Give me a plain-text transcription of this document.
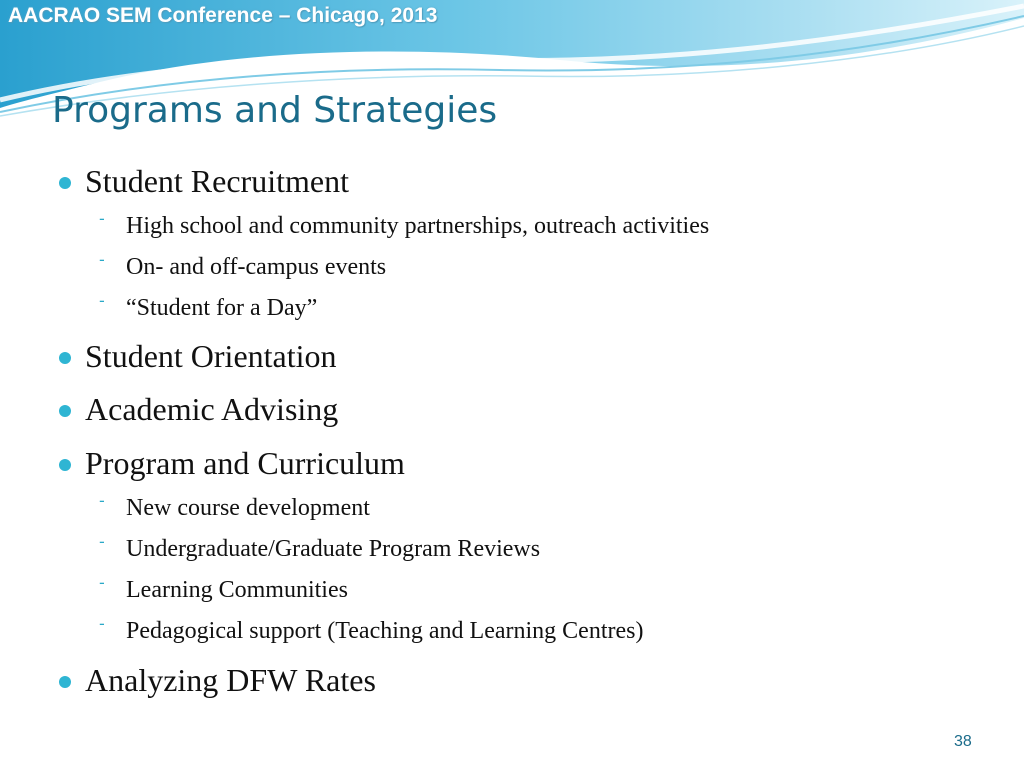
AACRAO SEM Conference – Chicago, 2013
Programs and Strategies
Student Recruitment
- High school and community partnerships, outreach activities
- On- and off-campus events
- “Student for a Day”
Student Orientation
Academic Advising
Program and Curriculum
- New course development
- Undergraduate/Graduate Program Reviews
- Learning Communities
- Pedagogical support (Teaching and Learning Centres)
Analyzing DFW Rates
38
